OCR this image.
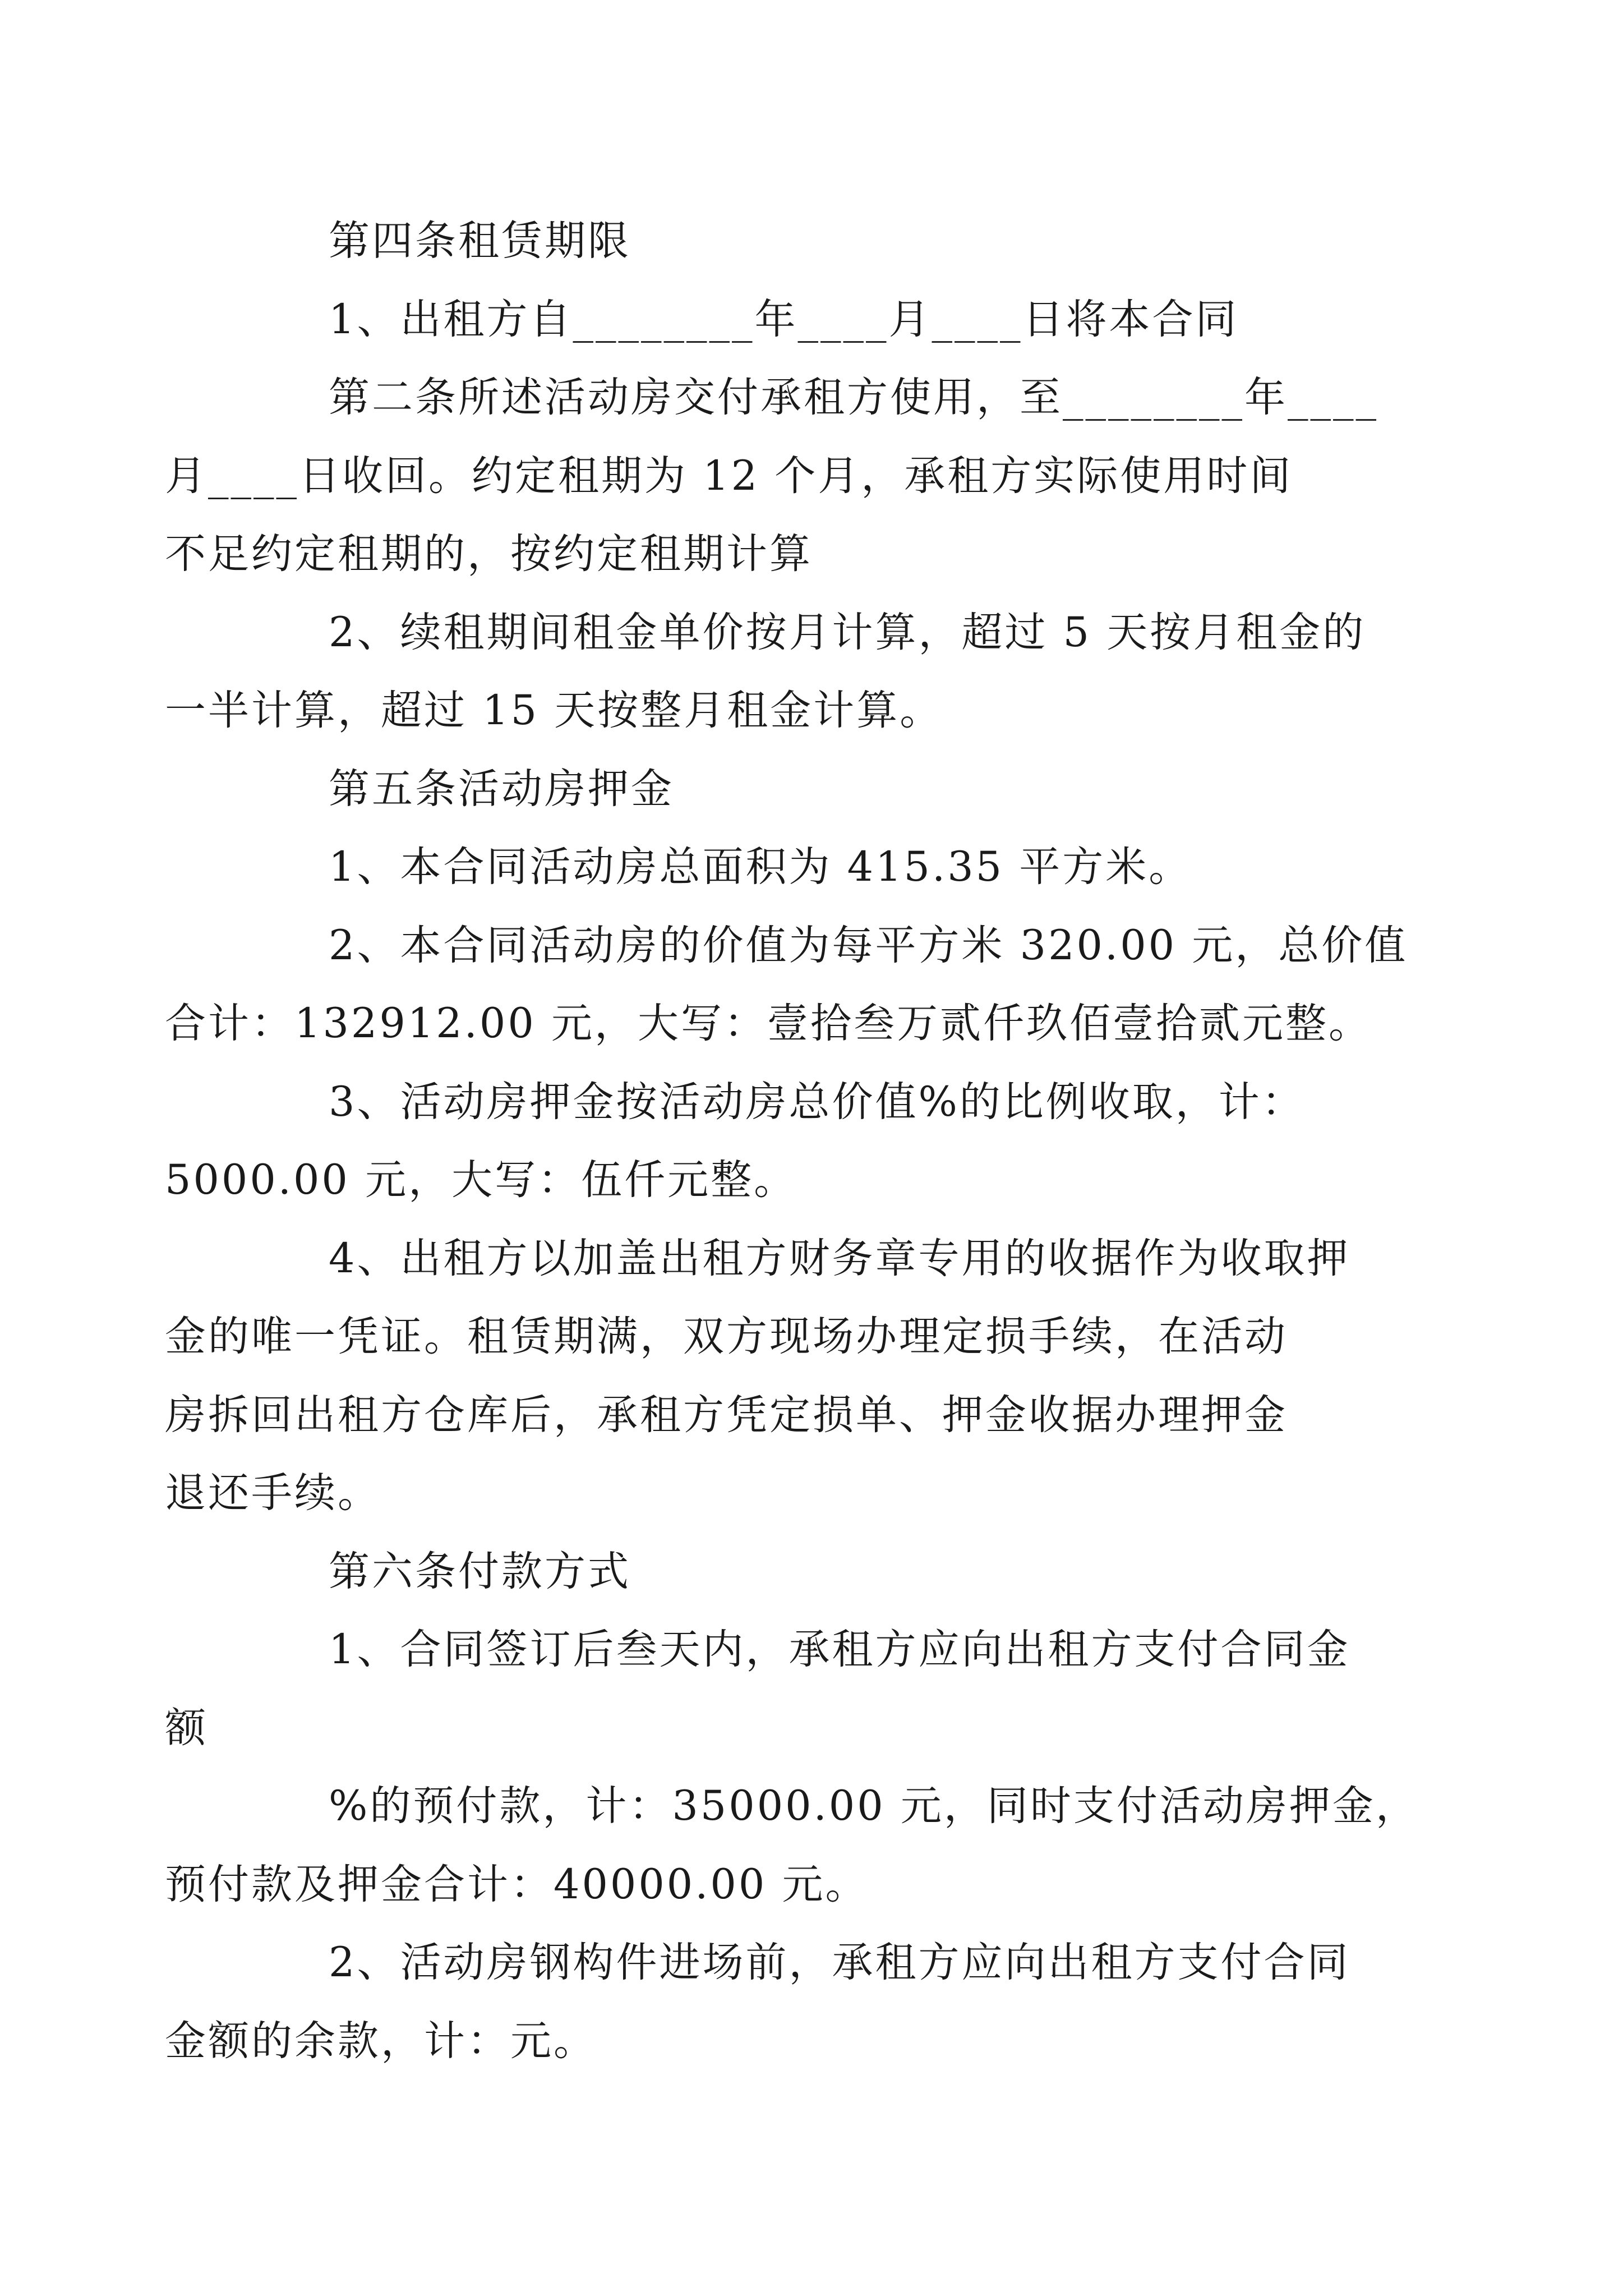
第四条租赁期限
1、出租方自________年____月____日将本合同
第二条所述活动房交付承租方使用，至________年____
月____日收回。约定租期为 12 个月，承租方实际使用时间
不足约定租期的，按约定租期计算
2、续租期间租金单价按月计算，超过 5 天按月租金的
一半计算，超过 15 天按整月租金计算。
第五条活动房押金
1、本合同活动房总面积为 415.35 平方米。
2、本合同活动房的价值为每平方米 320.00 元，总价值
合计：132912.00 元，大写：壹拾叁万贰仟玖佰壹拾贰元整。
3、活动房押金按活动房总价值%的比例收取，计：
5000.00 元，大写：伍仟元整。
4、出租方以加盖出租方财务章专用的收据作为收取押
金的唯一凭证。租赁期满，双方现场办理定损手续，在活动
房拆回出租方仓库后，承租方凭定损单、押金收据办理押金
退还手续。
第六条付款方式
1、合同签订后叁天内，承租方应向出租方支付合同金
额
%的预付款，计：35000.00 元，同时支付活动房押金，
预付款及押金合计：40000.00 元。
2、活动房钢构件进场前，承租方应向出租方支付合同
金额的余款，计：元。
